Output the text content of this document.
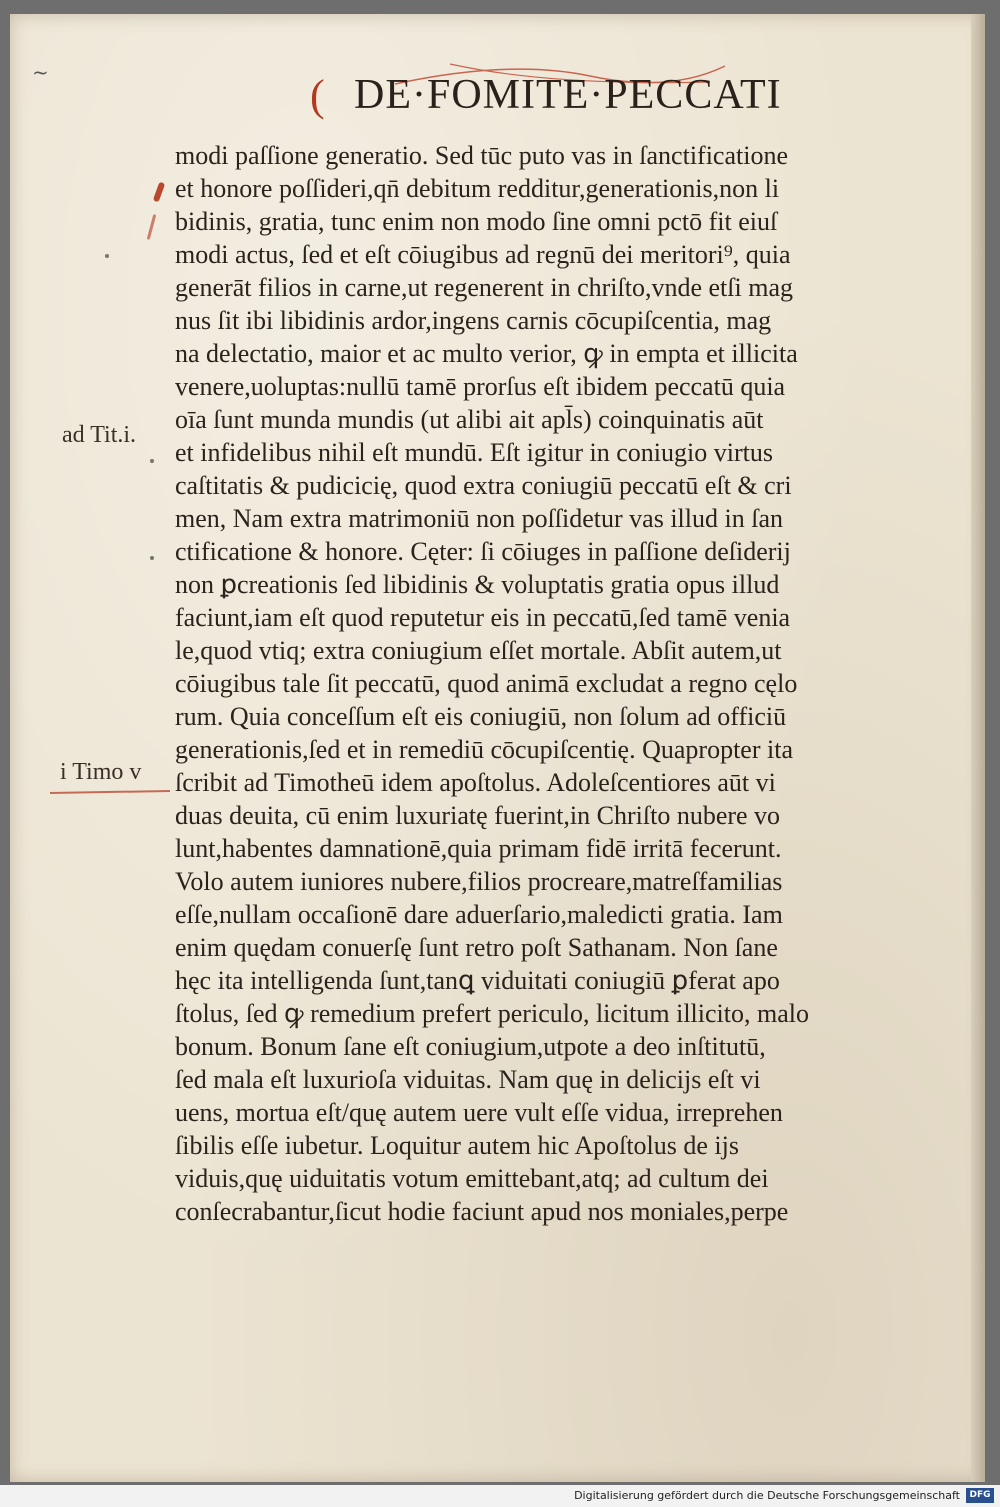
~	( DE·FOMITE·PECCATI
ad Tit.i.
i Timo v
modi paſſione generatio. Sed tūc puto vas in ſanctificatione
et honore poſſideri,qn̄ debitum redditur,generationis,non li
bidinis, gratia, tunc enim non modo ſine omni pctō fit eiuſ
modi actus, ſed et eſt cōiugibus ad regnū dei meritori⁹, quia
generāt filios in carne,ut regenerent in chriſto,vnde etſi mag
nus ſit ibi libidinis ardor,ingens carnis cōcupiſcentia, mag
na delectatio, maior et ac multo verior, ꝙ in empta et illicita
venere,uoluptas:nullū tamē prorſus eſt ibidem peccatū quia
oīa ſunt munda mundis (ut alibi ait apl̄s) coinquinatis aūt
et infidelibus nihil eſt mundū. Eſt igitur in coniugio virtus
caſtitatis & pudicicię, quod extra coniugiū peccatū eſt & cri
men, Nam extra matrimoniū non poſſidetur vas illud in ſan
ctificatione & honore. Cęter: ſi cōiuges in paſſione deſiderij
non ꝑcreationis ſed libidinis & voluptatis gratia opus illud
faciunt,iam eſt quod reputetur eis in peccatū,ſed tamē venia
le,quod vtiq; extra coniugium eſſet mortale. Abſit autem,ut
cōiugibus tale ſit peccatū, quod animā excludat a regno cęlo
rum. Quia conceſſum eſt eis coniugiū, non ſolum ad officiū
generationis,ſed et in remediū cōcupiſcentię. Quapropter ita
ſcribit ad Timotheū idem apoſtolus. Adoleſcentiores aūt vi
duas deuita, cū enim luxuriatę fuerint,in Chriſto nubere vo
lunt,habentes damnationē,quia primam fidē irritā fecerunt.
Volo autem iuniores nubere,filios procreare,matreſfamilias
eſſe,nullam occaſionē dare aduerſario,maledicti gratia. Iam
enim quędam conuerſę ſunt retro poſt Sathanam. Non ſane
hęc ita intelligenda ſunt,tanꝗ viduitati coniugiū ꝑferat apo
ſtolus, ſed ꝙ remedium prefert periculo, licitum illicito, malo
bonum. Bonum ſane eſt coniugium,utpote a deo inſtitutū,
ſed mala eſt luxurioſa viduitas. Nam quę in delicijs eſt vi
uens, mortua eſt/quę autem uere vult eſſe vidua, irreprehen
ſibilis eſſe iubetur. Loquitur autem hic Apoſtolus de ijs
viduis,quę uiduitatis votum emittebant,atq; ad cultum dei
conſecrabantur,ſicut hodie faciunt apud nos moniales,perpe
Digitalisierung gefördert durch die Deutsche Forschungsgemeinschaft	DFG
